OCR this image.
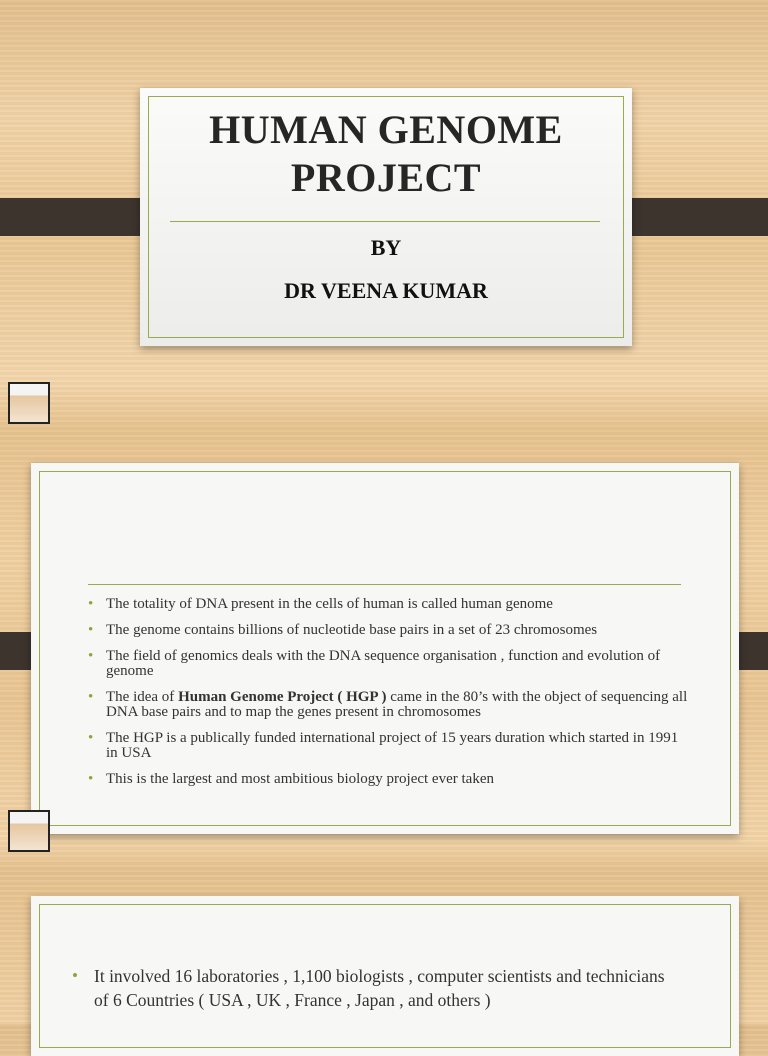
HUMAN GENOME
PROJECT
BY
DR VEENA KUMAR
• The totality of DNA present in the cells of human is called human genome
• The genome contains billions of nucleotide base pairs in a set of 23 chromosomes
• The field of genomics deals with the DNA sequence organisation , function and evolution of genome
• The idea of Human Genome Project ( HGP ) came in the 80’s with the object of sequencing all DNA base pairs and to map the genes present in chromosomes
• The HGP is a publically funded international project of 15 years duration which started in 1991 in USA
• This is the largest and most ambitious biology project ever taken
• It involved 16 laboratories , 1,100 biologists , computer scientists and technicians of 6 Countries ( USA , UK , France , Japan , and others )
